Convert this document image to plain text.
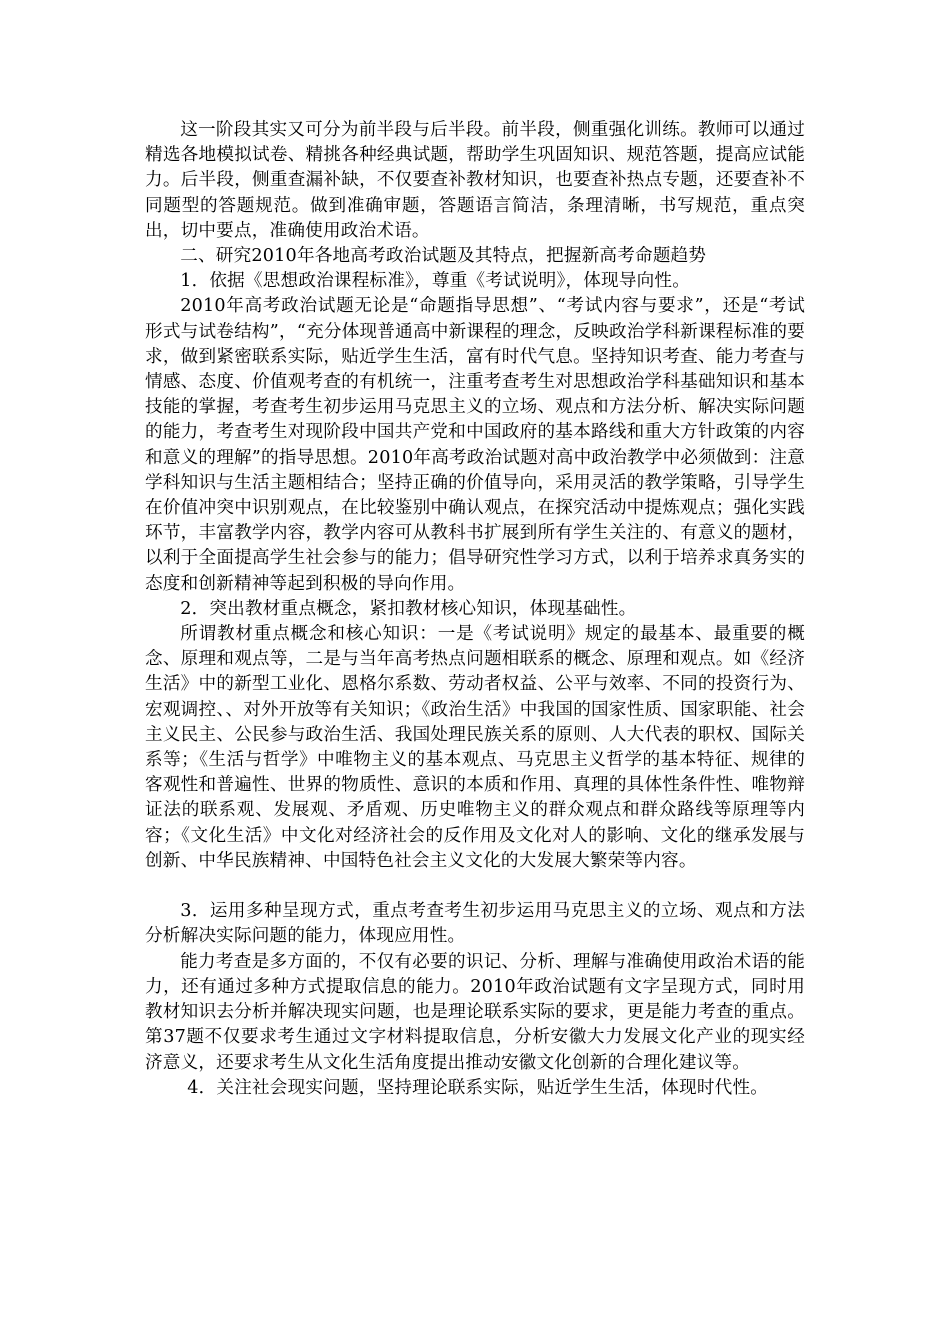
这一阶段其实又可分为前半段与后半段。前半段，侧重强化训练。教师可以通过精选各地模拟试卷、精挑各种经典试题，帮助学生巩固知识、规范答题，提高应试能力。后半段，侧重查漏补缺，不仅要查补教材知识，也要查补热点专题，还要查补不同题型的答题规范。做到准确审题，答题语言简洁，条理清晰，书写规范，重点突出，切中要点，准确使用政治术语。

二、研究2010年各地高考政治试题及其特点，把握新高考命题趋势

1．依据《思想政治课程标准》，尊重《考试说明》，体现导向性。

2010年高考政治试题无论是“命题指导思想”、“考试内容与要求”，还是“考试形式与试卷结构”，“充分体现普通高中新课程的理念，反映政治学科新课程标准的要求，做到紧密联系实际，贴近学生生活，富有时代气息。坚持知识考查、能力考查与情感、态度、价值观考查的有机统一，注重考查考生对思想政治学科基础知识和基本技能的掌握，考查考生初步运用马克思主义的立场、观点和方法分析、解决实际问题的能力，考查考生对现阶段中国共产党和中国政府的基本路线和重大方针政策的内容和意义的理解”的指导思想。2010年高考政治试题对高中政治教学中必须做到：注意学科知识与生活主题相结合；坚持正确的价值导向，采用灵活的教学策略，引导学生在价值冲突中识别观点，在比较鉴别中确认观点，在探究活动中提炼观点；强化实践环节，丰富教学内容，教学内容可从教科书扩展到所有学生关注的、有意义的题材，以利于全面提高学生社会参与的能力；倡导研究性学习方式，以利于培养求真务实的态度和创新精神等起到积极的导向作用。

2．突出教材重点概念，紧扣教材核心知识，体现基础性。

所谓教材重点概念和核心知识：一是《考试说明》规定的最基本、最重要的概念、原理和观点等，二是与当年高考热点问题相联系的概念、原理和观点。如《经济生活》中的新型工业化、恩格尔系数、劳动者权益、公平与效率、不同的投资行为、宏观调控、、对外开放等有关知识；《政治生活》中我国的国家性质、国家职能、社会主义民主、公民参与政治生活、我国处理民族关系的原则、人大代表的职权、国际关系等；《生活与哲学》中唯物主义的基本观点、马克思主义哲学的基本特征、规律的客观性和普遍性、世界的物质性、意识的本质和作用、真理的具体性条件性、唯物辩证法的联系观、发展观、矛盾观、历史唯物主义的群众观点和群众路线等原理等内容；《文化生活》中文化对经济社会的反作用及文化对人的影响、文化的继承发展与创新、中华民族精神、中国特色社会主义文化的大发展大繁荣等内容。

3．运用多种呈现方式，重点考查考生初步运用马克思主义的立场、观点和方法分析解决实际问题的能力，体现应用性。

能力考查是多方面的，不仅有必要的识记、分析、理解与准确使用政治术语的能力，还有通过多种方式提取信息的能力。2010年政治试题有文字呈现方式，同时用教材知识去分析并解决现实问题，也是理论联系实际的要求，更是能力考查的重点。第37题不仅要求考生通过文字材料提取信息，分析安徽大力发展文化产业的现实经济意义，还要求考生从文化生活角度提出推动安徽文化创新的合理化建议等。

4．关注社会现实问题，坚持理论联系实际，贴近学生生活，体现时代性。
